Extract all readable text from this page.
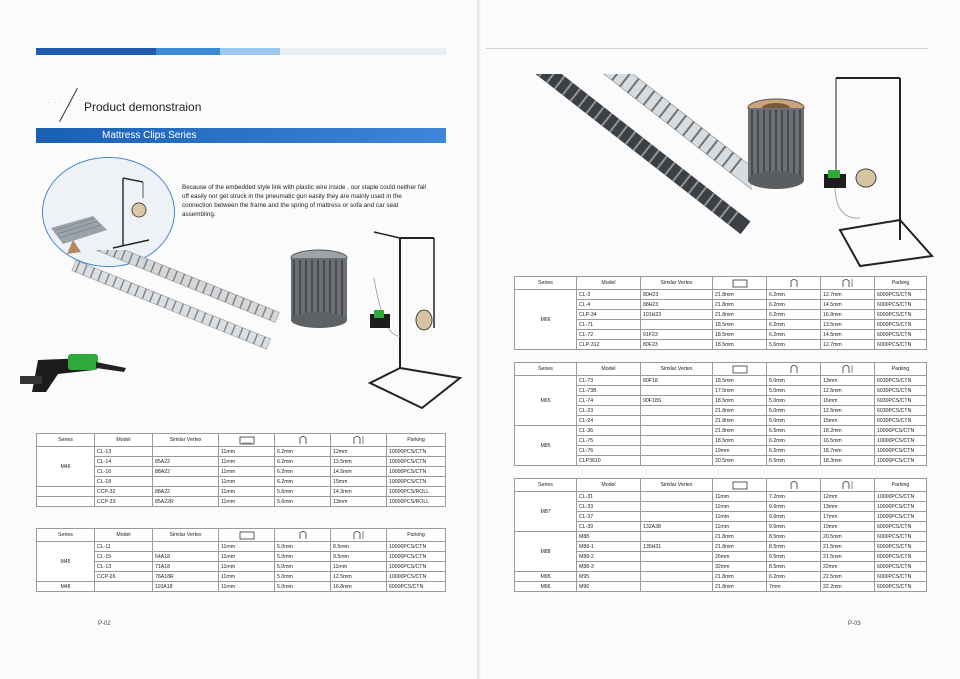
· · · · · · Product demonstraion
Mattress Clips Series
Because of the embedded style link with plastic wire inside , our staple could neither fall off easily nor get struck in the pneumatic gun easily they are mainly used in the connection between the frame and the spring of mattress or sofa and car seat assembling.
Series	Model	Similar Vertex				Parking
M46	CL-13		11mm	6.2mm	12mm	10000PCS/CTN
	CL-14	85A22	11mm	6.2mm	13.5mm	10000PCS/CTN
	CL-16	88A22	11mm	6.2mm	14.5mm	10000PCS/CTN
	CL-18		11mm	6.2mm	15mm	10000PCS/CTN
	CCP-32	88A22	11mm	5.6mm	14.3mm	10000PCS/ROLL
	CCP-33	85A22R	11mm	5.6mm	13mm	10000PCS/ROLL
Series	Model	Similar Vertex				Parking
M45	CL-11		11mm	5.0mm	8.5mm	10000PCS/CTN
	CL-15	64A18	11mm	5.0mm	9.5mm	10000PCS/CTN
	CL-13	71A18	11mm	5.0mm	11mm	10000PCS/CTN
	CCP-26	76A18R	11mm	5.0mm	12.5mm	10000PCS/CTN
M48		110A18	11mm	5.0mm	16.8mm	6000PCS/CTN
P-02
Series	Model	Similar Vertex				Parking
M66	CL-3	80H23	21.8mm	6.2mm	12.7mm	6000PCS/CTN
	CL-4	88H23	21.8mm	6.2mm	14.5mm	6000PCS/CTN
	CLP-34	101H23	21.8mm	6.2mm	16.8mm	6000PCS/CTN
	CL-71		18.5mm	6.2mm	13.5mm	6000PCS/CTN
	CL-72	91F23	18.5mm	6.2mm	14.5mm	6000PCS/CTN
	CLP-312	80F23	18.5mm	5.6mm	12.7mm	6000PCS/CTN
Series	Model	Similar Vertex				Parking
M65	CL-73	80F18	18.5mm	5.0mm	13mm	6030PCS/CTN
	CL-73B		17.5mm	5.0mm	12.5mm	6030PCS/CTN
	CL-74	90F18S	18.5mm	5.0mm	16mm	6030PCS/CTN
	CL-23		21.8mm	5.0mm	12.5mm	6030PCS/CTN
	CL-24		21.8mm	5.0mm	15mm	6030PCS/CTN
M85	CL-36		21.8mm	6.5mm	18.2mm	10000PCS/CTN
	CL-75		18.5mm	6.2mm	16.5mm	10000PCS/CTN
	CL-76		19mm	6.5mm	18.7mm	10000PCS/CTN
	CLP3610		20.5mm	6.5mm	18.3mm	10000PCS/CTN
Series	Model	Similar Vertex				Parking
M87	CL-31		11mm	7.2mm	12mm	10000PCS/CTN
	CL-33		11mm	9.6mm	13mm	10000PCS/CTN
	CL-37		11mm	9.6mm	17mm	10000PCS/CTN
	CL-39	132A38	11mm	9.6mm	19mm	6000PCS/CTN
M88	M88		21.8mm	8.5mm	20.5mm	6000PCS/CTN
	M88-1	135H31	21.8mm	8.5mm	21.5mm	6000PCS/CTN
	M88-2		26mm	9.5mm	21.5mm	6000PCS/CTN
	M88-3		32mm	8.5mm	22mm	6000PCS/CTN
M95	M95		21.8mm	6.2mm	22.5mm	6000PCS/CTN
M96	M96		21.8mm	7mm	22.2mm	6000PCS/CTN
P-03
